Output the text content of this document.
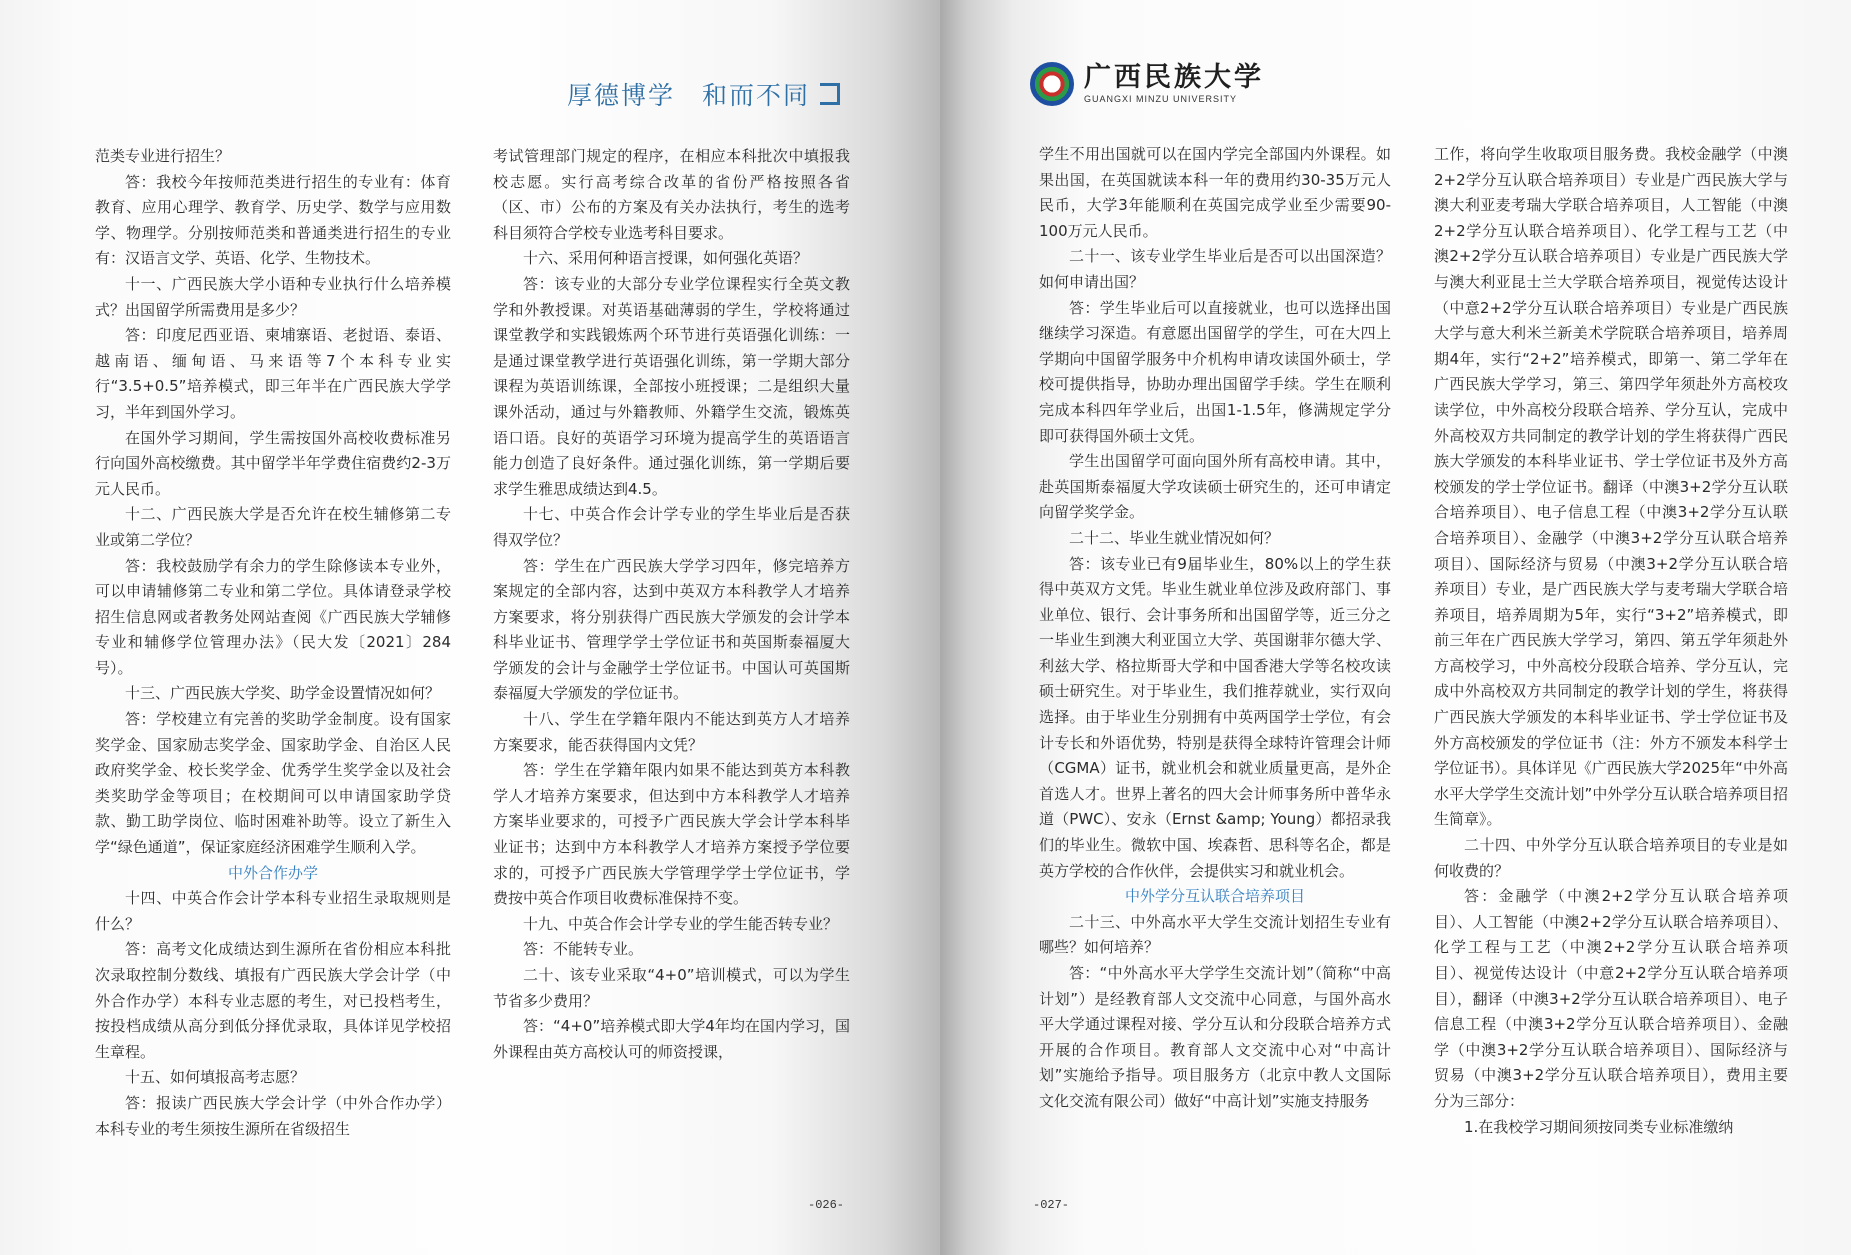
厚德博学　和而不同

范类专业进行招生？

答：我校今年按师范类进行招生的专业有：体育教育、应用心理学、教育学、历史学、数学与应用数学、物理学。分别按师范类和普通类进行招生的专业有：汉语言文学、英语、化学、生物技术。

十一、广西民族大学小语种专业执行什么培养模式？出国留学所需费用是多少？

答：印度尼西亚语、柬埔寨语、老挝语、泰语、越南语、缅甸语、马来语等7个本科专业实行“3.5+0.5”培养模式，即三年半在广西民族大学学习，半年到国外学习。

在国外学习期间，学生需按国外高校收费标准另行向国外高校缴费。其中留学半年学费住宿费约2-3万元人民币。

十二、广西民族大学是否允许在校生辅修第二专业或第二学位？

答：我校鼓励学有余力的学生除修读本专业外，可以申请辅修第二专业和第二学位。具体请登录学校招生信息网或者教务处网站查阅《广西民族大学辅修专业和辅修学位管理办法》（民大发〔2021〕284 号）。

十三、广西民族大学奖、助学金设置情况如何？

答：学校建立有完善的奖助学金制度。设有国家奖学金、国家励志奖学金、国家助学金、自治区人民政府奖学金、校长奖学金、优秀学生奖学金以及社会类奖助学金等项目；在校期间可以申请国家助学贷款、勤工助学岗位、临时困难补助等。设立了新生入学“绿色通道”，保证家庭经济困难学生顺利入学。

中外合作办学

十四、中英合作会计学本科专业招生录取规则是什么？

答：高考文化成绩达到生源所在省份相应本科批次录取控制分数线、填报有广西民族大学会计学（中外合作办学）本科专业志愿的考生，对已投档考生，按投档成绩从高分到低分择优录取，具体详见学校招生章程。

十五、如何填报高考志愿？

答：报读广西民族大学会计学（中外合作办学）本科专业的考生须按生源所在省级招生

考试管理部门规定的程序，在相应本科批次中填报我校志愿。实行高考综合改革的省份严格按照各省（区、市）公布的方案及有关办法执行，考生的选考科目须符合学校专业选考科目要求。

十六、采用何种语言授课，如何强化英语？

答：该专业的大部分专业学位课程实行全英文教学和外教授课。对英语基础薄弱的学生，学校将通过课堂教学和实践锻炼两个环节进行英语强化训练：一是通过课堂教学进行英语强化训练，第一学期大部分课程为英语训练课，全部按小班授课；二是组织大量课外活动，通过与外籍教师、外籍学生交流，锻炼英语口语。良好的英语学习环境为提高学生的英语语言能力创造了良好条件。通过强化训练，第一学期后要求学生雅思成绩达到4.5。

十七、中英合作会计学专业的学生毕业后是否获得双学位？

答：学生在广西民族大学学习四年，修完培养方案规定的全部内容，达到中英双方本科教学人才培养方案要求，将分别获得广西民族大学颁发的会计学本科毕业证书、管理学学士学位证书和英国斯泰福厦大学颁发的会计与金融学士学位证书。中国认可英国斯泰福厦大学颁发的学位证书。

十八、学生在学籍年限内不能达到英方人才培养方案要求，能否获得国内文凭？

答：学生在学籍年限内如果不能达到英方本科教学人才培养方案要求，但达到中方本科教学人才培养方案毕业要求的，可授予广西民族大学会计学本科毕业证书；达到中方本科教学人才培养方案授予学位要求的，可授予广西民族大学管理学学士学位证书，学费按中英合作项目收费标准保持不变。

十九、中英合作会计学专业的学生能否转专业？

答：不能转专业。

二十、该专业采取“4+0”培训模式，可以为学生节省多少费用？

答：“4+0”培养模式即大学4年均在国内学习，国外课程由英方高校认可的师资授课，

-026-
广西民族大学
GUANGXI MINZU UNIVERSITY

学生不用出国就可以在国内学完全部国内外课程。如果出国，在英国就读本科一年的费用约30-35万元人民币，大学3年能顺利在英国完成学业至少需要90-100万元人民币。

二十一、该专业学生毕业后是否可以出国深造？如何申请出国？

答：学生毕业后可以直接就业，也可以选择出国继续学习深造。有意愿出国留学的学生，可在大四上学期向中国留学服务中介机构申请攻读国外硕士，学校可提供指导，协助办理出国留学手续。学生在顺利完成本科四年学业后，出国1-1.5年，修满规定学分即可获得国外硕士文凭。

学生出国留学可面向国外所有高校申请。其中，赴英国斯泰福厦大学攻读硕士研究生的，还可申请定向留学奖学金。

二十二、毕业生就业情况如何？

答：该专业已有9届毕业生，80%以上的学生获得中英双方文凭。毕业生就业单位涉及政府部门、事业单位、银行、会计事务所和出国留学等，近三分之一毕业生到澳大利亚国立大学、英国谢菲尔德大学、利兹大学、格拉斯哥大学和中国香港大学等名校攻读硕士研究生。对于毕业生，我们推荐就业，实行双向选择。由于毕业生分别拥有中英两国学士学位，有会计专长和外语优势，特别是获得全球特许管理会计师（CGMA）证书，就业机会和就业质量更高，是外企首选人才。世界上著名的四大会计师事务所中普华永道（PWC）、安永（Ernst &amp; Young）都招录我们的毕业生。微软中国、埃森哲、思科等名企，都是英方学校的合作伙伴，会提供实习和就业机会。

中外学分互认联合培养项目

二十三、中外高水平大学生交流计划招生专业有哪些？如何培养？

答：“中外高水平大学学生交流计划”（简称“中高计划”）是经教育部人文交流中心同意，与国外高水平大学通过课程对接、学分互认和分段联合培养方式开展的合作项目。教育部人文交流中心对“中高计划”实施给予指导。项目服务方（北京中教人文国际文化交流有限公司）做好“中高计划”实施支持服务

工作，将向学生收取项目服务费。我校金融学（中澳2+2学分互认联合培养项目）专业是广西民族大学与澳大利亚麦考瑞大学联合培养项目，人工智能（中澳2+2学分互认联合培养项目）、化学工程与工艺（中澳2+2学分互认联合培养项目）专业是广西民族大学与澳大利亚昆士兰大学联合培养项目，视觉传达设计（中意2+2学分互认联合培养项目）专业是广西民族大学与意大利米兰新美术学院联合培养项目，培养周期4年，实行“2+2”培养模式，即第一、第二学年在广西民族大学学习，第三、第四学年须赴外方高校攻读学位，中外高校分段联合培养、学分互认，完成中外高校双方共同制定的教学计划的学生将获得广西民族大学颁发的本科毕业证书、学士学位证书及外方高校颁发的学士学位证书。翻译（中澳3+2学分互认联合培养项目）、电子信息工程（中澳3+2学分互认联合培养项目）、金融学（中澳3+2学分互认联合培养项目）、国际经济与贸易（中澳3+2学分互认联合培养项目）专业，是广西民族大学与麦考瑞大学联合培养项目，培养周期为5年，实行“3+2”培养模式，即前三年在广西民族大学学习，第四、第五学年须赴外方高校学习，中外高校分段联合培养、学分互认，完成中外高校双方共同制定的教学计划的学生，将获得广西民族大学颁发的本科毕业证书、学士学位证书及外方高校颁发的学位证书（注：外方不颁发本科学士学位证书）。具体详见《广西民族大学2025年“中外高水平大学学生交流计划”中外学分互认联合培养项目招生简章》。

二十四、中外学分互认联合培养项目的专业是如何收费的？

答：金融学（中澳2+2学分互认联合培养项目）、人工智能（中澳2+2学分互认联合培养项目）、化学工程与工艺（中澳2+2学分互认联合培养项目）、视觉传达设计（中意2+2学分互认联合培养项目），翻译（中澳3+2学分互认联合培养项目）、电子信息工程（中澳3+2学分互认联合培养项目）、金融学（中澳3+2学分互认联合培养项目）、国际经济与贸易（中澳3+2学分互认联合培养项目），费用主要分为三部分：

1.在我校学习期间须按同类专业标准缴纳

-027-
